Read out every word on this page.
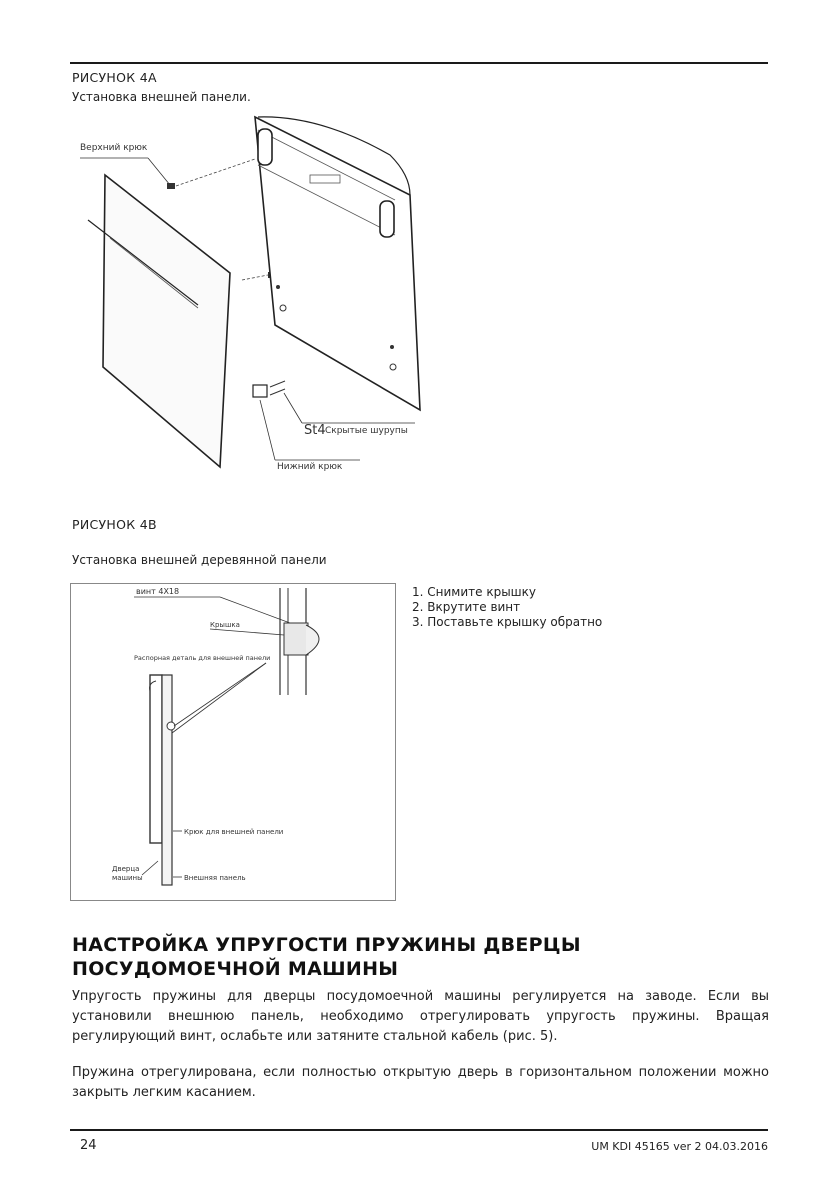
РИСУНОК 4А
Установка внешней панели.
Верхний крюк
St4 Скрытые шурупы
Нижний крюк
РИСУНОК 4В
Установка внешней деревянной панели
винт 4X18
Крышка
Распорная деталь для внешней панели
Крюк для внешней панели
Дверца
машины	Внешняя панель
1. Снимите крышку
2. Вкрутите винт
3. Поставьте крышку обратно
НАСТРОЙКА УПРУГОСТИ ПРУЖИНЫ ДВЕРЦЫ
ПОСУДОМОЕЧНОЙ МАШИНЫ

Упругость пружины для дверцы посудомоечной машины регулируется на заводе. Если вы установили внешнюю панель, необходимо отрегулировать упругость пружины. Вращая регулирующий винт, ослабьте или затяните стальной кабель (рис. 5).

Пружина отрегулирована, если полностью открытую дверь в горизонтальном положении можно закрыть легким касанием.

24	UM KDI 45165 ver 2 04.03.2016
